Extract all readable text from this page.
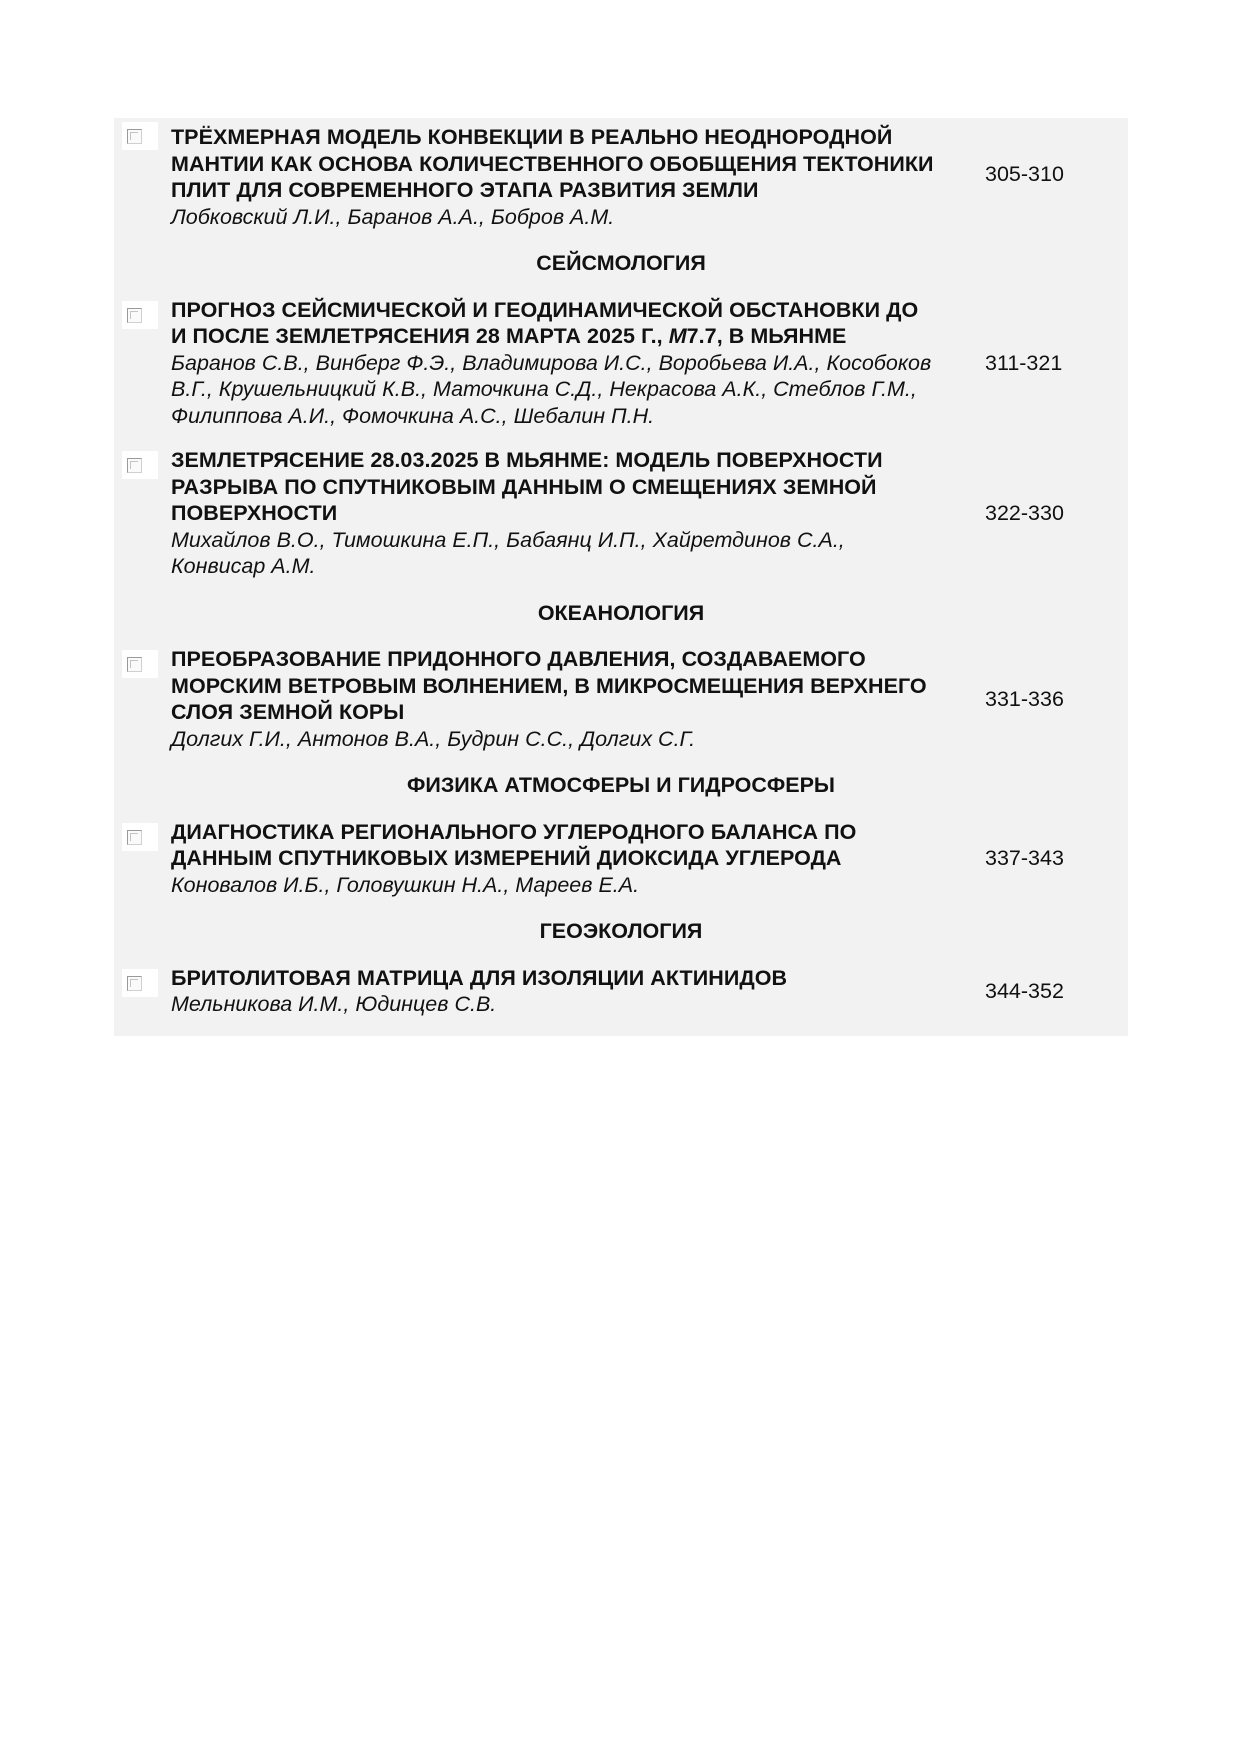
ТРЁХМЕРНАЯ МОДЕЛЬ КОНВЕКЦИИ В РЕАЛЬНО НЕОДНОРОДНОЙ МАНТИИ КАК ОСНОВА КОЛИЧЕСТВЕННОГО ОБОБЩЕНИЯ ТЕКТОНИКИ ПЛИТ ДЛЯ СОВРЕМЕННОГО ЭТАПА РАЗВИТИЯ ЗЕМЛИ

Лобковский Л.И., Баранов А.А., Бобров А.М.

305-310

СЕЙСМОЛОГИЯ

ПРОГНОЗ СЕЙСМИЧЕСКОЙ И ГЕОДИНАМИЧЕСКОЙ ОБСТАНОВКИ ДО И ПОСЛЕ ЗЕМЛЕТРЯСЕНИЯ 28 МАРТА 2025 Г., M7.7, В МЬЯНМЕ

Баранов С.В., Винберг Ф.Э., Владимирова И.С., Воробьева И.А., Кособоков В.Г., Крушельницкий К.В., Маточкина С.Д., Некрасова А.К., Стеблов Г.М., Филиппова А.И., Фомочкина А.С., Шебалин П.Н.

311-321

ЗЕМЛЕТРЯСЕНИЕ 28.03.2025 В МЬЯНМЕ: МОДЕЛЬ ПОВЕРХНОСТИ РАЗРЫВА ПО СПУТНИКОВЫМ ДАННЫМ О СМЕЩЕНИЯХ ЗЕМНОЙ ПОВЕРХНОСТИ

Михайлов В.О., Тимошкина Е.П., Бабаянц И.П., Хайретдинов С.А., Конвисар А.М.

322-330

ОКЕАНОЛОГИЯ

ПРЕОБРАЗОВАНИЕ ПРИДОННОГО ДАВЛЕНИЯ, СОЗДАВАЕМОГО МОРСКИМ ВЕТРОВЫМ ВОЛНЕНИЕМ, В МИКРОСМЕЩЕНИЯ ВЕРХНЕГО СЛОЯ ЗЕМНОЙ КОРЫ

Долгих Г.И., Антонов В.А., Будрин С.С., Долгих С.Г.

331-336

ФИЗИКА АТМОСФЕРЫ И ГИДРОСФЕРЫ

ДИАГНОСТИКА РЕГИОНАЛЬНОГО УГЛЕРОДНОГО БАЛАНСА ПО ДАННЫМ СПУТНИКОВЫХ ИЗМЕРЕНИЙ ДИОКСИДА УГЛЕРОДА

Коновалов И.Б., Головушкин Н.А., Мареев Е.А.

337-343

ГЕОЭКОЛОГИЯ

БРИТОЛИТОВАЯ МАТРИЦА ДЛЯ ИЗОЛЯЦИИ АКТИНИДОВ

Мельникова И.М., Юдинцев С.В.

344-352
